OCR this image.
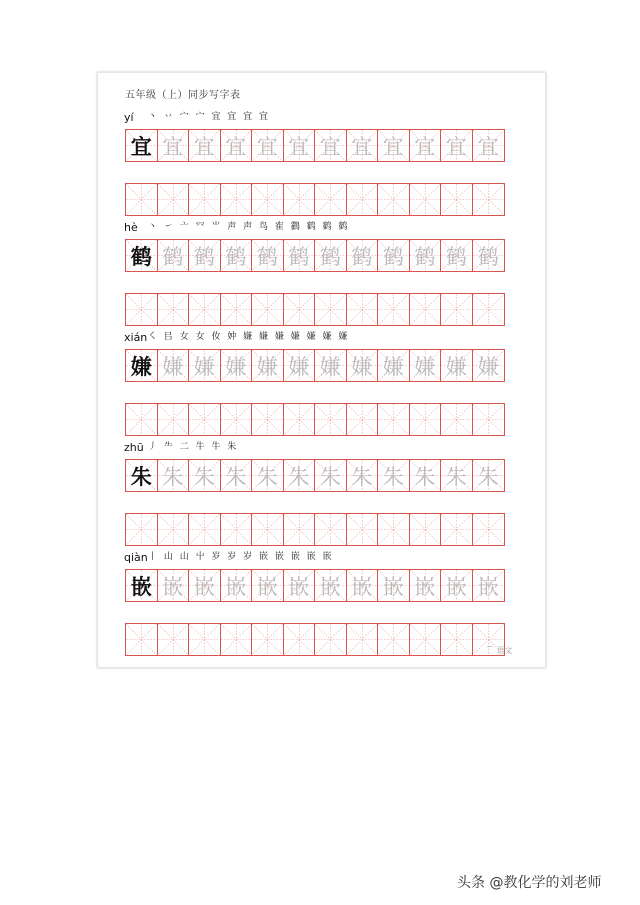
五年级（上）同步写字表
yí 丶 丷 宀 宀 宜 宜 宜 宜
宜 宜 宜 宜 宜 宜 宜 宜 宜 宜 宜 宜
hè 丶 ㇀ 亠 㓁 ⺌ 声 声 鸟 隺 鸖 鹤 鹤 鹤
鹤 鹤 鹤 鹤 鹤 鹤 鹤 鹤 鹤 鹤 鹤 鹤
xián ㇛ 㠯 女 女 㚢 妕 嫌 嫌 嫌 嫌 嫌 嫌 嫌
嫌 嫌 嫌 嫌 嫌 嫌 嫌 嫌 嫌 嫌 嫌 嫌
zhū 丿 ⺧ 二 牛 牛 朱
朱 朱 朱 朱 朱 朱 朱 朱 朱 朱 朱 朱
qiàn 丨 山 山 屮 岁 岁 岁 嵌 嵌 嵌 嵌 嵌
嵌 嵌 嵌 嵌 嵌 嵌 嵌 嵌 嵌 嵌 嵌 嵌
⌒ 语文
头条 @教化学的刘老师
